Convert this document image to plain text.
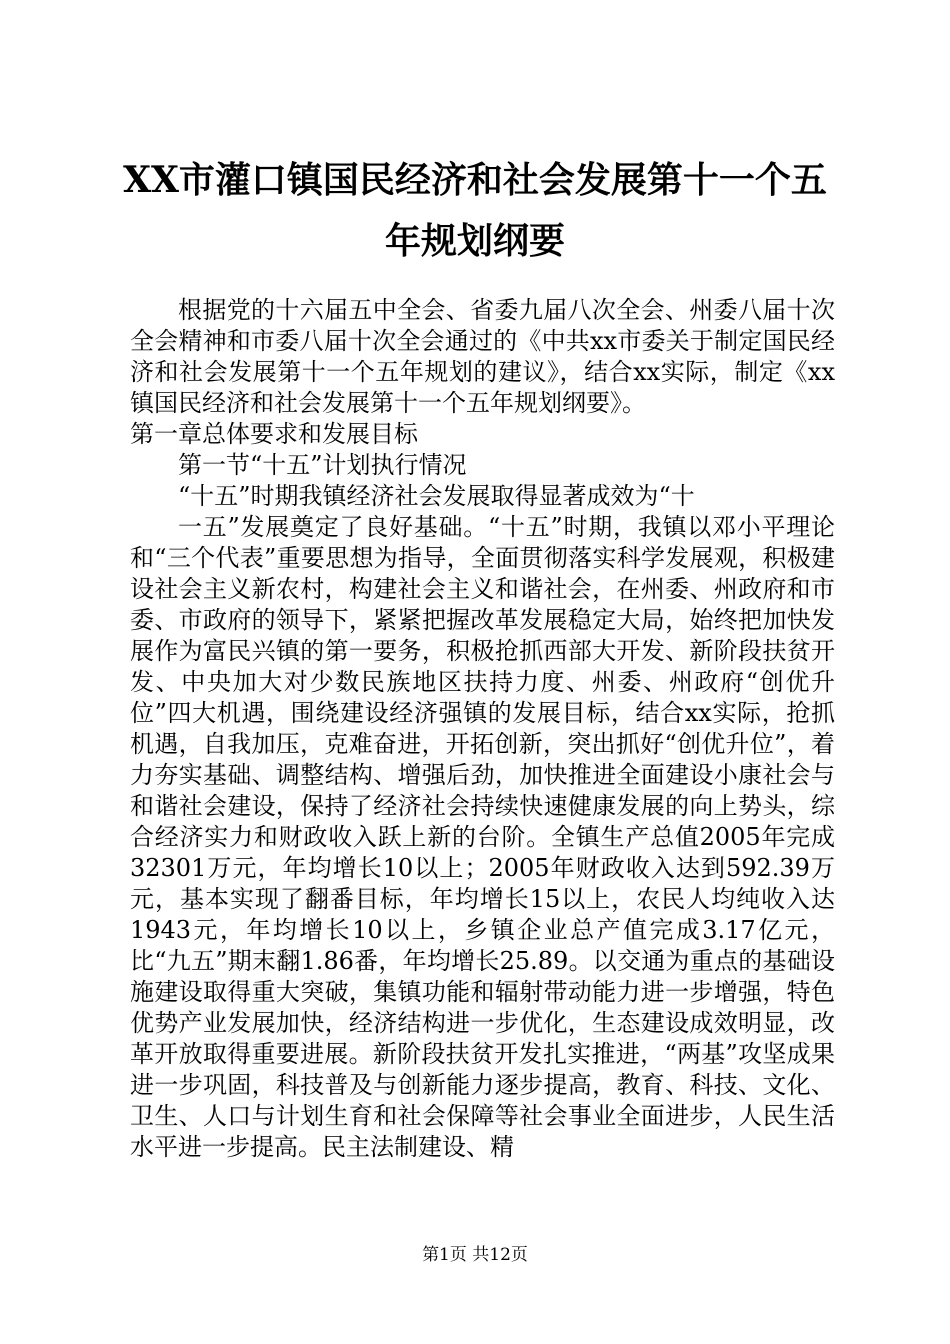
XX市灌口镇国民经济和社会发展第十一个五
年规划纲要

根据党的十六届五中全会、省委九届八次全会、州委八届十次全会精神和市委八届十次全会通过的《中共xx市委关于制定国民经济和社会发展第十一个五年规划的建议》，结合xx实际，制定《xx镇国民经济和社会发展第十一个五年规划纲要》。

第一章总体要求和发展目标

第一节“十五”计划执行情况

“十五”时期我镇经济社会发展取得显著成效为“十

一五”发展奠定了良好基础。“十五”时期，我镇以邓小平理论和“三个代表”重要思想为指导，全面贯彻落实科学发展观，积极建设社会主义新农村，构建社会主义和谐社会，在州委、州政府和市委、市政府的领导下，紧紧把握改革发展稳定大局，始终把加快发展作为富民兴镇的第一要务，积极抢抓西部大开发、新阶段扶贫开发、中央加大对少数民族地区扶持力度、州委、州政府“创优升位”四大机遇，围绕建设经济强镇的发展目标，结合xx实际，抢抓机遇，自我加压，克难奋进，开拓创新，突出抓好“创优升位”，着力夯实基础、调整结构、增强后劲，加快推进全面建设小康社会与和谐社会建设，保持了经济社会持续快速健康发展的向上势头，综合经济实力和财政收入跃上新的台阶。全镇生产总值2005年完成32301万元，年均增长10以上；2005年财政收入达到592.39万元，基本实现了翻番目标，年均增长15以上，农民人均纯收入达1943元，年均增长10以上，乡镇企业总产值完成3.17亿元，比“九五”期末翻1.86番，年均增长25.89。以交通为重点的基础设施建设取得重大突破，集镇功能和辐射带动能力进一步增强，特色优势产业发展加快，经济结构进一步优化，生态建设成效明显，改革开放取得重要进展。新阶段扶贫开发扎实推进，“两基”攻坚成果进一步巩固，科技普及与创新能力逐步提高，教育、科技、文化、卫生、人口与计划生育和社会保障等社会事业全面进步，人民生活水平进一步提高。民主法制建设、精

第1页 共12页
